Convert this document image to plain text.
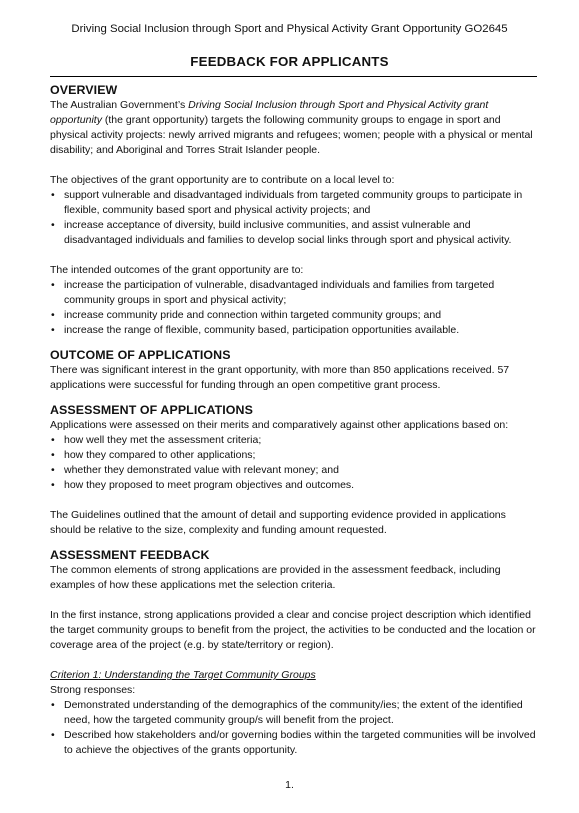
Driving Social Inclusion through Sport and Physical Activity Grant Opportunity GO2645
FEEDBACK FOR APPLICANTS
OVERVIEW

The Australian Government’s Driving Social Inclusion through Sport and Physical Activity grant opportunity (the grant opportunity) targets the following community groups to engage in sport and physical activity projects: newly arrived migrants and refugees; women; people with a physical or mental disability; and Aboriginal and Torres Strait Islander people.

The objectives of the grant opportunity are to contribute on a local level to:

• support vulnerable and disadvantaged individuals from targeted community groups to participate in flexible, community based sport and physical activity projects; and
• increase acceptance of diversity, build inclusive communities, and assist vulnerable and disadvantaged individuals and families to develop social links through sport and physical activity.

The intended outcomes of the grant opportunity are to:

• increase the participation of vulnerable, disadvantaged individuals and families from targeted community groups in sport and physical activity;
• increase community pride and connection within targeted community groups; and
• increase the range of flexible, community based, participation opportunities available.
OUTCOME OF APPLICATIONS

There was significant interest in the grant opportunity, with more than 850 applications received. 57 applications were successful for funding through an open competitive grant process.

ASSESSMENT OF APPLICATIONS

Applications were assessed on their merits and comparatively against other applications based on:

• how well they met the assessment criteria;
• how they compared to other applications;
• whether they demonstrated value with relevant money; and
• how they proposed to meet program objectives and outcomes.

The Guidelines outlined that the amount of detail and supporting evidence provided in applications should be relative to the size, complexity and funding amount requested.

ASSESSMENT FEEDBACK

The common elements of strong applications are provided in the assessment feedback, including examples of how these applications met the selection criteria.

In the first instance, strong applications provided a clear and concise project description which identified the target community groups to benefit from the project, the activities to be conducted and the location or coverage area of the project (e.g. by state/territory or region).

Criterion 1: Understanding the Target Community Groups

Strong responses:

• Demonstrated understanding of the demographics of the community/ies; the extent of the identified need, how the targeted community group/s will benefit from the project.
• Described how stakeholders and/or governing bodies within the targeted communities will be involved to achieve the objectives of the grants opportunity.
1.
